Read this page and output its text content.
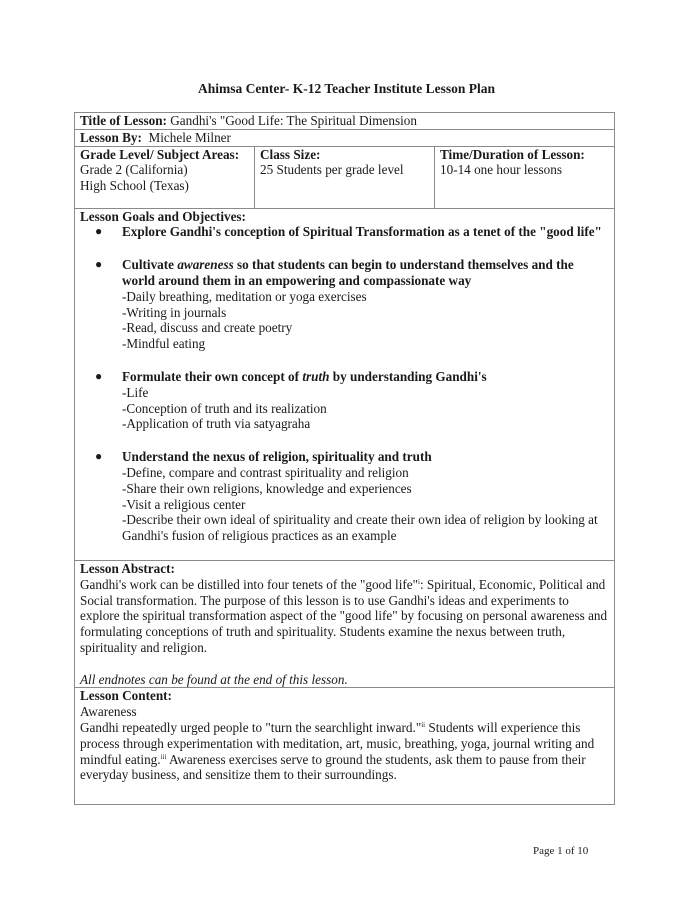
Ahimsa Center- K-12 Teacher Institute Lesson Plan
Title of Lesson: Gandhi's "Good Life: The Spiritual Dimension
Lesson By: Michele Milner

Grade Level/ Subject Areas:
Grade 2 (California)
High School (Texas)

Class Size:
25 Students per grade level

Time/Duration of Lesson:
10-14 one hour lessons

Lesson Goals and Objectives:
● Explore Gandhi's conception of Spiritual Transformation as a tenet of the "good life"
● Cultivate awareness so that students can begin to understand themselves and the world around them in an empowering and compassionate way
-Daily breathing, meditation or yoga exercises
-Writing in journals
-Read, discuss and create poetry
-Mindful eating
● Formulate their own concept of truth by understanding Gandhi's
-Life
-Conception of truth and its realization
-Application of truth via satyagraha
● Understand the nexus of religion, spirituality and truth
-Define, compare and contrast spirituality and religion
-Share their own religions, knowledge and experiences
-Visit a religious center
-Describe their own ideal of spirituality and create their own idea of religion by looking at Gandhi's fusion of religious practices as an example

Lesson Abstract:
Gandhi's work can be distilled into four tenets of the "good life"$^i$: Spiritual, Economic, Political and Social transformation. The purpose of this lesson is to use Gandhi's ideas and experiments to explore the spiritual transformation aspect of the "good life" by focusing on personal awareness and formulating conceptions of truth and spirituality. Students examine the nexus between truth, spirituality and religion.
All endnotes can be found at the end of this lesson.

Lesson Content:
Awareness
Gandhi repeatedly urged people to "turn the searchlight inward."$^{ii}$ Students will experience this process through experimentation with meditation, art, music, breathing, yoga, journal writing and mindful eating.$^{iii}$ Awareness exercises serve to ground the students, ask them to pause from their everyday business, and sensitize them to their surroundings.
Page 1 of 10
